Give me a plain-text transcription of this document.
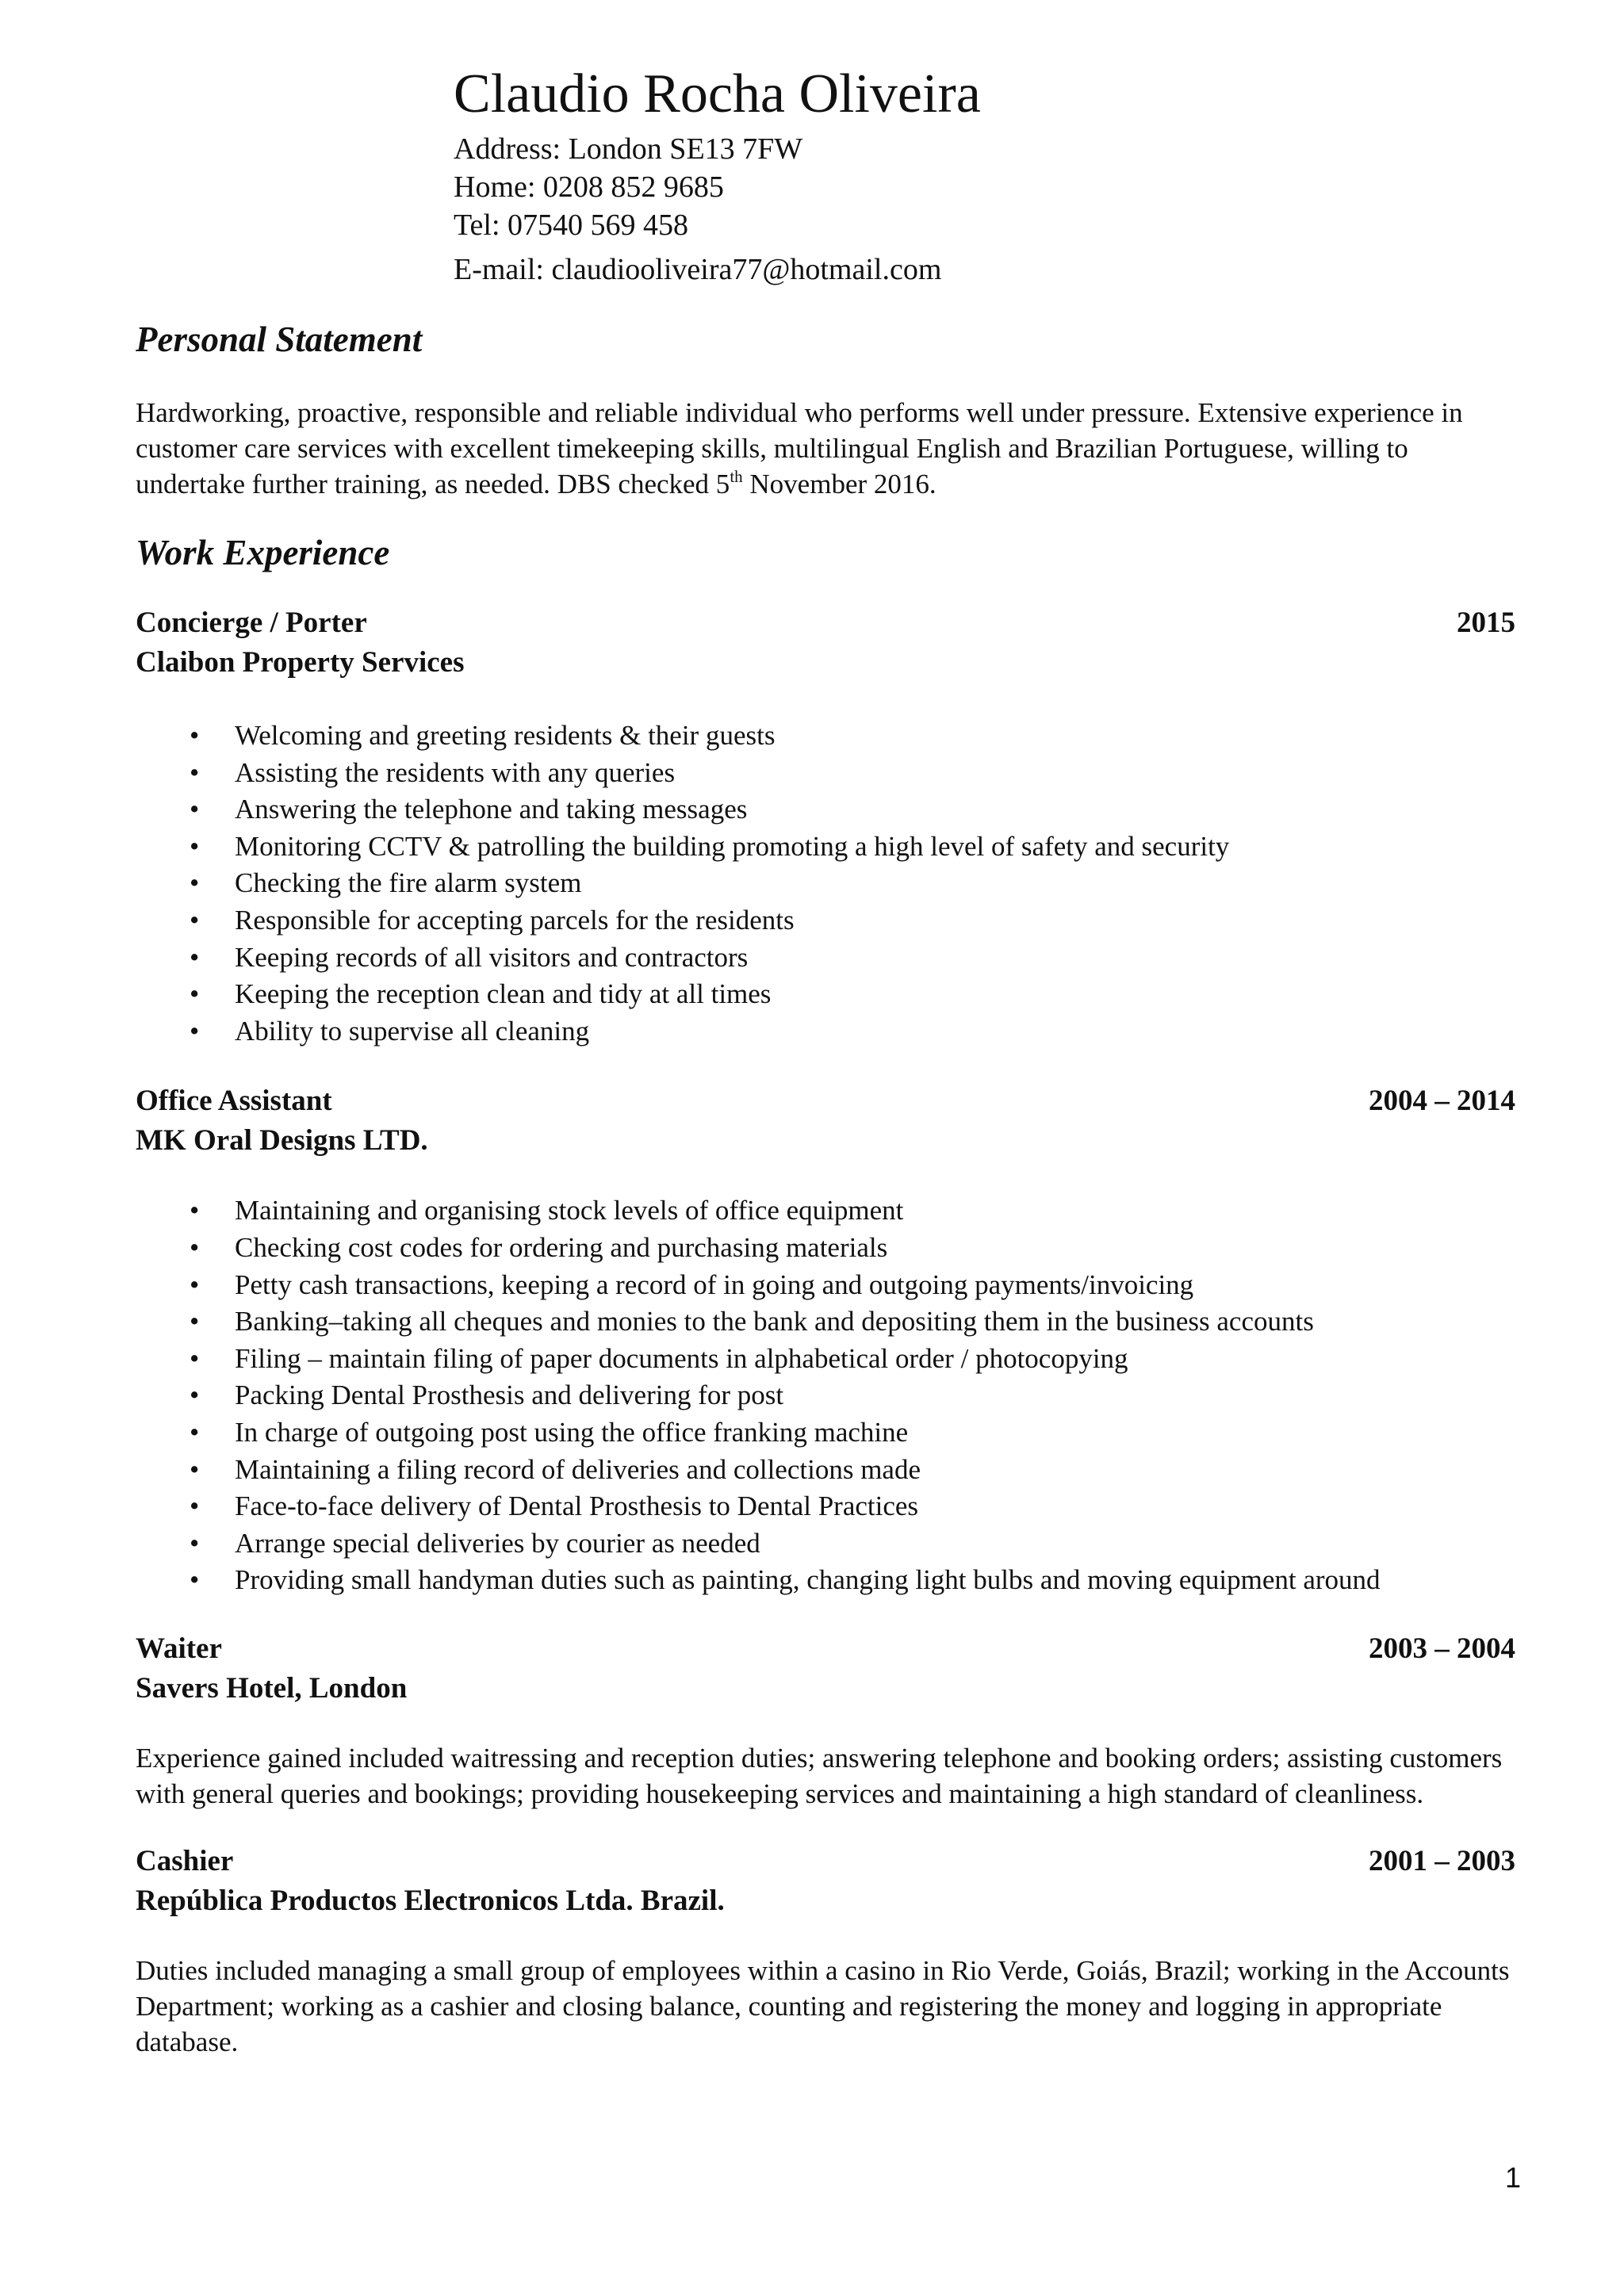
Claudio Rocha Oliveira

Address: London SE13 7FW

Home: 0208 852 9685

Tel: 07540 569 458

E-mail: claudiooliveira77@hotmail.com

Personal Statement

Hardworking, proactive, responsible and reliable individual who performs well under pressure. Extensive experience in customer care services with excellent timekeeping skills, multilingual English and Brazilian Portuguese, willing to undertake further training, as needed. DBS checked 5th November 2016.

Work Experience
Concierge / Porter	2015

Claibon Property Services

• Welcoming and greeting residents & their guests
• Assisting the residents with any queries
• Answering the telephone and taking messages
• Monitoring CCTV & patrolling the building promoting a high level of safety and security
• Checking the fire alarm system
• Responsible for accepting parcels for the residents
• Keeping records of all visitors and contractors
• Keeping the reception clean and tidy at all times
• Ability to supervise all cleaning
Office Assistant	2004 – 2014

MK Oral Designs LTD.

• Maintaining and organising stock levels of office equipment
• Checking cost codes for ordering and purchasing materials
• Petty cash transactions, keeping a record of in going and outgoing payments/invoicing
• Banking–taking all cheques and monies to the bank and depositing them in the business accounts
• Filing – maintain filing of paper documents in alphabetical order / photocopying
• Packing Dental Prosthesis and delivering for post
• In charge of outgoing post using the office franking machine
• Maintaining a filing record of deliveries and collections made
• Face-to-face delivery of Dental Prosthesis to Dental Practices
• Arrange special deliveries by courier as needed
• Providing small handyman duties such as painting, changing light bulbs and moving equipment around
Waiter	2003 – 2004

Savers Hotel, London

Experience gained included waitressing and reception duties; answering telephone and booking orders; assisting customers with general queries and bookings; providing housekeeping services and maintaining a high standard of cleanliness.

Cashier	2001 – 2003

República Productos Electronicos Ltda. Brazil.

Duties included managing a small group of employees within a casino in Rio Verde, Goiás, Brazil; working in the Accounts Department; working as a cashier and closing balance, counting and registering the money and logging in appropriate database.

1
